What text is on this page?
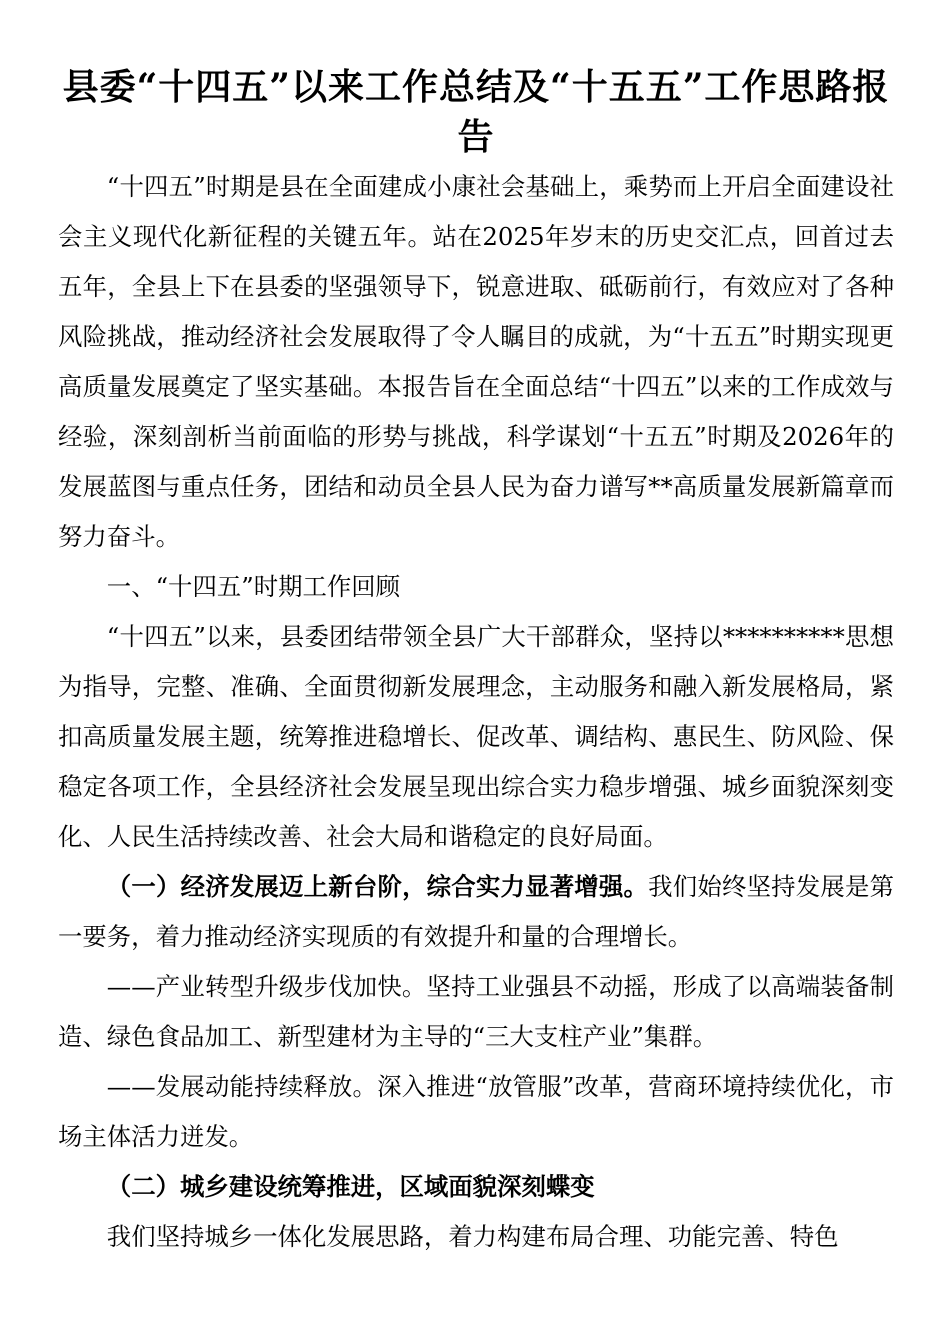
县委“十四五”以来工作总结及“十五五”工作思路报告

“十四五”时期是县在全面建成小康社会基础上，乘势而上开启全面建设社会主义现代化新征程的关键五年。站在2025年岁末的历史交汇点，回首过去五年，全县上下在县委的坚强领导下，锐意进取、砥砺前行，有效应对了各种风险挑战，推动经济社会发展取得了令人瞩目的成就，为“十五五”时期实现更高质量发展奠定了坚实基础。本报告旨在全面总结“十四五”以来的工作成效与经验，深刻剖析当前面临的形势与挑战，科学谋划“十五五”时期及2026年的发展蓝图与重点任务，团结和动员全县人民为奋力谱写**高质量发展新篇章而努力奋斗。

一、“十四五”时期工作回顾

“十四五”以来，县委团结带领全县广大干部群众，坚持以**********思想为指导，完整、准确、全面贯彻新发展理念，主动服务和融入新发展格局，紧扣高质量发展主题，统筹推进稳增长、促改革、调结构、惠民生、防风险、保稳定各项工作，全县经济社会发展呈现出综合实力稳步增强、城乡面貌深刻变化、人民生活持续改善、社会大局和谐稳定的良好局面。

（一）经济发展迈上新台阶，综合实力显著增强。我们始终坚持发展是第一要务，着力推动经济实现质的有效提升和量的合理增长。

——产业转型升级步伐加快。坚持工业强县不动摇，形成了以高端装备制造、绿色食品加工、新型建材为主导的“三大支柱产业”集群。

——发展动能持续释放。深入推进“放管服”改革，营商环境持续优化，市场主体活力迸发。

（二）城乡建设统筹推进，区域面貌深刻蝶变

我们坚持城乡一体化发展思路，着力构建布局合理、功能完善、特色
